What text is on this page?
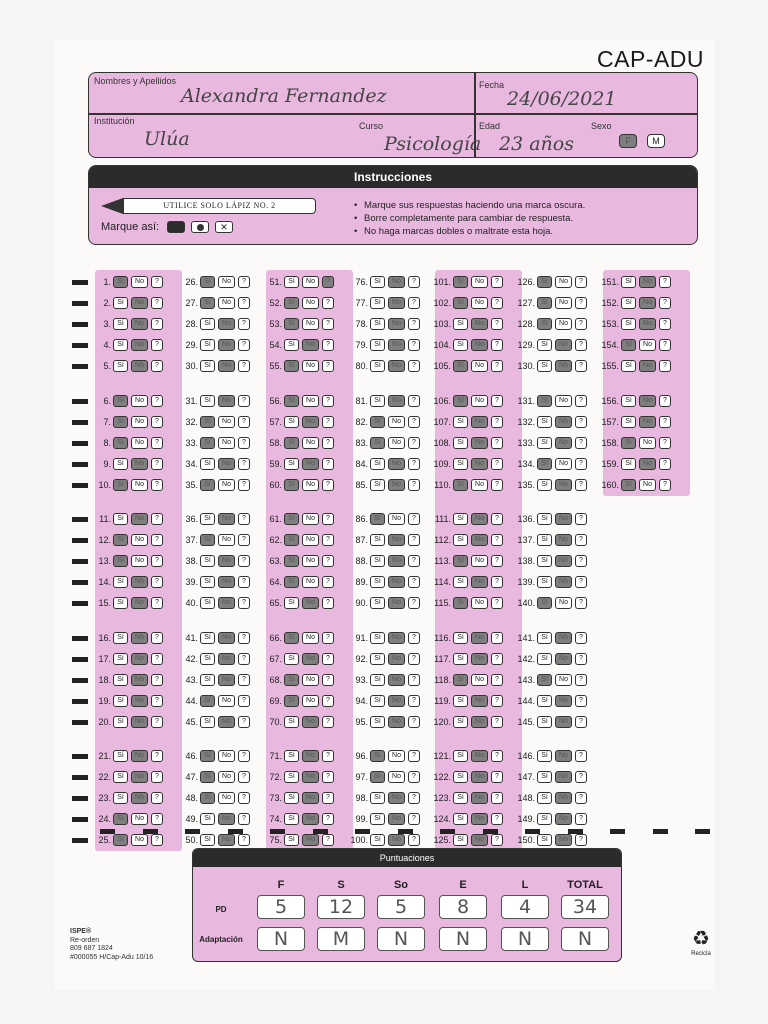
CAP-ADU
Nombres y Apellidos
Alexandra Fernandez	Fecha
24/06/2021
Institución
Ulúa
Curso
Psicología
Edad
23 años
Sexo
F	M
Instrucciones
UTILICE SOLO LÁPIZ NO. 2
Marque así:	✕
• Marque sus respuestas haciendo una marca oscura.
• Borre completamente para cambiar de respuesta.
• No haga marcas dobles o maltrate esta hoja.
1. Sí	No	?
2. Sí	No	?
3. Sí	No	?
4. Sí	No	?
5. Sí	No	?
6. Sí	No	?
7. Sí	No	?
8. Sí	No	?
9. Sí	No	?
10. Sí	No	?
11. Sí	No	?
12. Sí	No	?
13. Sí	No	?
14. Sí	No	?
15. Sí	No	?
16. Sí	No	?
17. Sí	No	?
18. Sí	No	?
19. Sí	No	?
20. Sí	No	?
21. Sí	No	?
22. Sí	No	?
23. Sí	No	?
24. Sí	No	?
25. Sí	No	?
26. Sí	No	?
27. Sí	No	?
28. Sí	No	?
29. Sí	No	?
30. Sí	No	?
31. Sí	No	?
32. Sí	No	?
33. Sí	No	?
34. Sí	No	?
35. Sí	No	?
36. Sí	No	?
37. Sí	No	?
38. Sí	No	?
39. Sí	No	?
40. Sí	No	?
41. Sí	No	?
42. Sí	No	?
43. Sí	No	?
44. Sí	No	?
45. Sí	No	?
46. Sí	No	?
47. Sí	No	?
48. Sí	No	?
49. Sí	No	?
50. Sí	No	?
51. Sí	No	?
52. Sí	No	?
53. Sí	No	?
54. Sí	No	?
55. Sí	No	?
56. Sí	No	?
57. Sí	No	?
58. Sí	No	?
59. Sí	No	?
60. Sí	No	?
61. Sí	No	?
62. Sí	No	?
63. Sí	No	?
64. Sí	No	?
65. Sí	No	?
66. Sí	No	?
67. Sí	No	?
68. Sí	No	?
69. Sí	No	?
70. Sí	No	?
71. Sí	No	?
72. Sí	No	?
73. Sí	No	?
74. Sí	No	?
75. Sí	No	?
76. Sí	No	?
77. Sí	No	?
78. Sí	No	?
79. Sí	No	?
80. Sí	No	?
81. Sí	No	?
82. Sí	No	?
83. Sí	No	?
84. Sí	No	?
85. Sí	No	?
86. Sí	No	?
87. Sí	No	?
88. Sí	No	?
89. Sí	No	?
90. Sí	No	?
91. Sí	No	?
92. Sí	No	?
93. Sí	No	?
94. Sí	No	?
95. Sí	No	?
96. Sí	No	?
97. Sí	No	?
98. Sí	No	?
99. Sí	No	?
100. Sí	No	?
101. Sí	No	?
102. Sí	No	?
103. Sí	No	?
104. Sí	No	?
105. Sí	No	?
106. Sí	No	?
107. Sí	No	?
108. Sí	No	?
109. Sí	No	?
110. Sí	No	?
111. Sí	No	?
112. Sí	No	?
113. Sí	No	?
114. Sí	No	?
115. Sí	No	?
116. Sí	No	?
117. Sí	No	?
118. Sí	No	?
119. Sí	No	?
120. Sí	No	?
121. Sí	No	?
122. Sí	No	?
123. Sí	No	?
124. Sí	No	?
125. Sí	No	?
126. Sí	No	?
127. Sí	No	?
128. Sí	No	?
129. Sí	No	?
130. Sí	No	?
131. Sí	No	?
132. Sí	No	?
133. Sí	No	?
134. Sí	No	?
135. Sí	No	?
136. Sí	No	?
137. Sí	No	?
138. Sí	No	?
139. Sí	No	?
140. Sí	No	?
141. Sí	No	?
142. Sí	No	?
143. Sí	No	?
144. Sí	No	?
145. Sí	No	?
146. Sí	No	?
147. Sí	No	?
148. Sí	No	?
149. Sí	No	?
150. Sí	No	?
151. Sí	No	?
152. Sí	No	?
153. Sí	No	?
154. Sí	No	?
155. Sí	No	?
156. Sí	No	?
157. Sí	No	?
158. Sí	No	?
159. Sí	No	?
160. Sí	No	?
Puntuaciones
F	S	So	E	L	TOTAL
PD	5	12	5	8	4	34
Adaptación	N	M	N	N	N	N
ISPE®
Re-orden
809 687 1824
#000055 H/Cap-Adu 10/16
♻
Recicla
